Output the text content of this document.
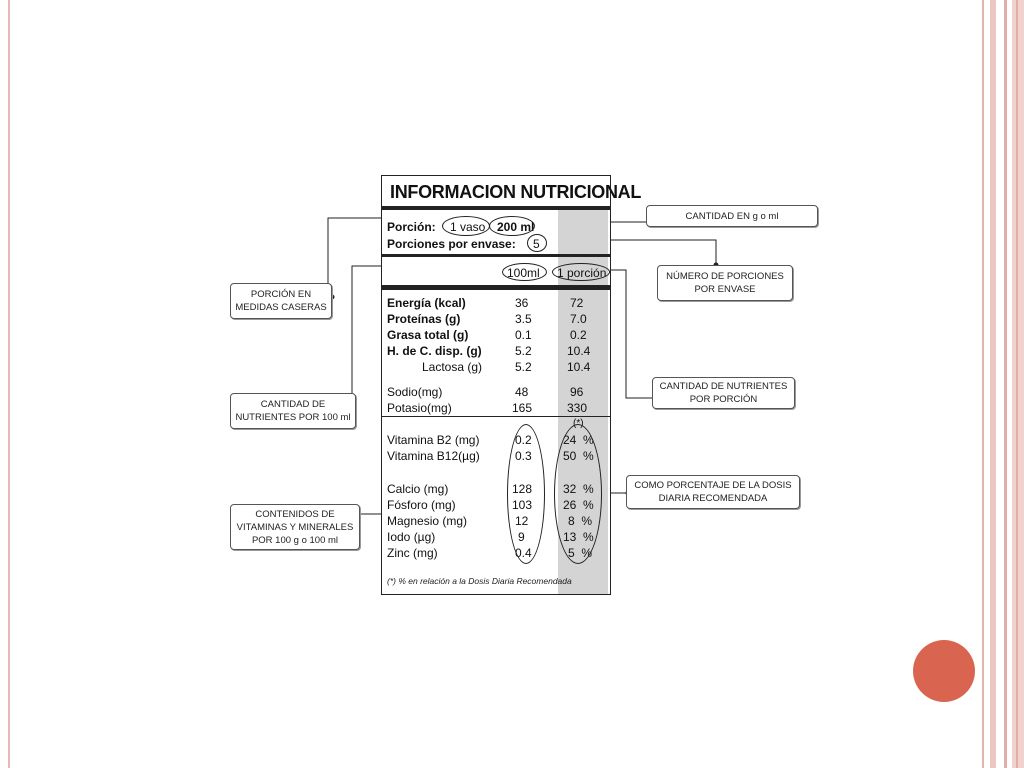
INFORMACION NUTRICIONAL
Porción: 1 vaso 200 ml
Porciones por envase: 5
100ml 1 porción
Energía (kcal)	36	72
Proteínas (g)	3.5	7.0
Grasa total (g)	0.1	0.2
H. de C. disp. (g)	5.2	10.4
Lactosa (g)	5.2	10.4
Sodio(mg)	48	96
Potasio(mg)	165	330
(*)
Vitamina B2 (mg)	0.2	24  %
Vitamina B12(µg)	0.3	50  %
Calcio (mg)	128	32  %
Fósforo (mg)	103	26  %
Magnesio (mg)	12	8  %
Iodo (µg)	9	13  %
Zinc (mg)	0.4	5  %
(*) % en relación a la Dosis Diaria Recomendada
CANTIDAD EN g o ml
PORCIÓN EN MEDIDAS CASERAS
NÚMERO DE PORCIONES POR ENVASE
CANTIDAD DE NUTRIENTES POR 100 ml
CANTIDAD DE NUTRIENTES POR PORCIÓN
COMO PORCENTAJE DE LA DOSIS DIARIA RECOMENDADA
CONTENIDOS DE VITAMINAS Y MINERALES POR 100 g o 100 ml
